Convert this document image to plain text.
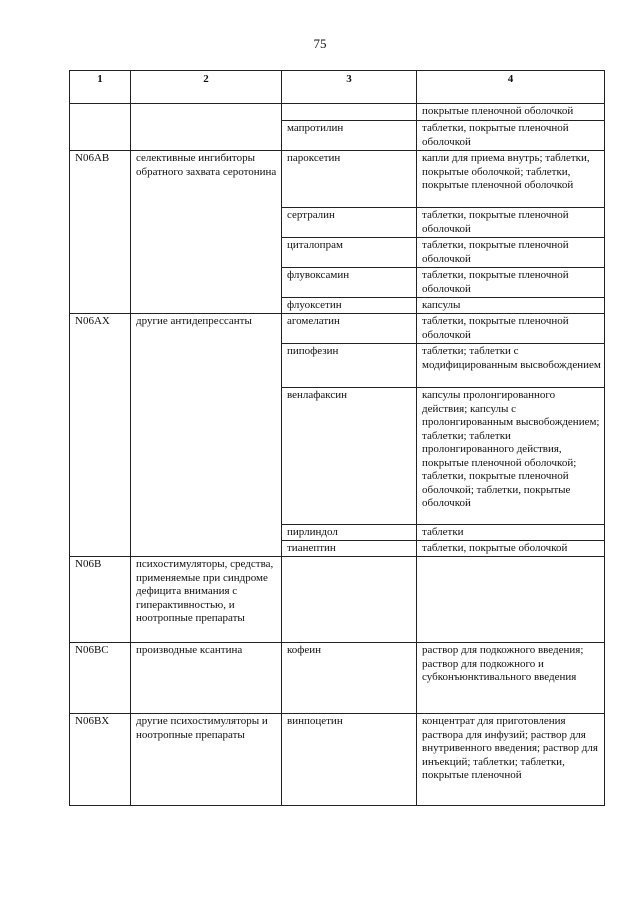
75
1	2	3	4
			покрытые пленочной оболочкой
		мапротилин	таблетки, покрытые пленочной оболочкой
N06AB	селективные ингибиторы обратного захвата серотонина	пароксетин	капли для приема внутрь; таблетки, покрытые оболочкой; таблетки, покрытые пленочной оболочкой
		сертралин	таблетки, покрытые пленочной оболочкой
		циталопрам	таблетки, покрытые пленочной оболочкой
		флувоксамин	таблетки, покрытые пленочной оболочкой
		флуоксетин	капсулы
N06AX	другие антидепрессанты	агомелатин	таблетки, покрытые пленочной оболочкой
		пипофезин	таблетки; таблетки с модифицированным высвобождением
		венлафаксин	капсулы пролонгированного действия; капсулы с пролонгированным высвобождением; таблетки; таблетки пролонгированного действия, покрытые пленочной оболочкой; таблетки, покрытые пленочной оболочкой; таблетки, покрытые оболочкой
		пирлиндол	таблетки
		тианептин	таблетки, покрытые оболочкой
N06B	психостимуляторы, средства, применяемые при синдроме дефицита внимания с гиперактивностью, и ноотропные препараты		
N06BC	производные ксантина	кофеин	раствор для подкожного введения; раствор для подкожного и субконъюнктивального введения
N06BX	другие психостимуляторы и ноотропные препараты	винпоцетин	концентрат для приготовления раствора для инфузий; раствор для внутривенного введения; раствор для инъекций; таблетки; таблетки, покрытые пленочной
